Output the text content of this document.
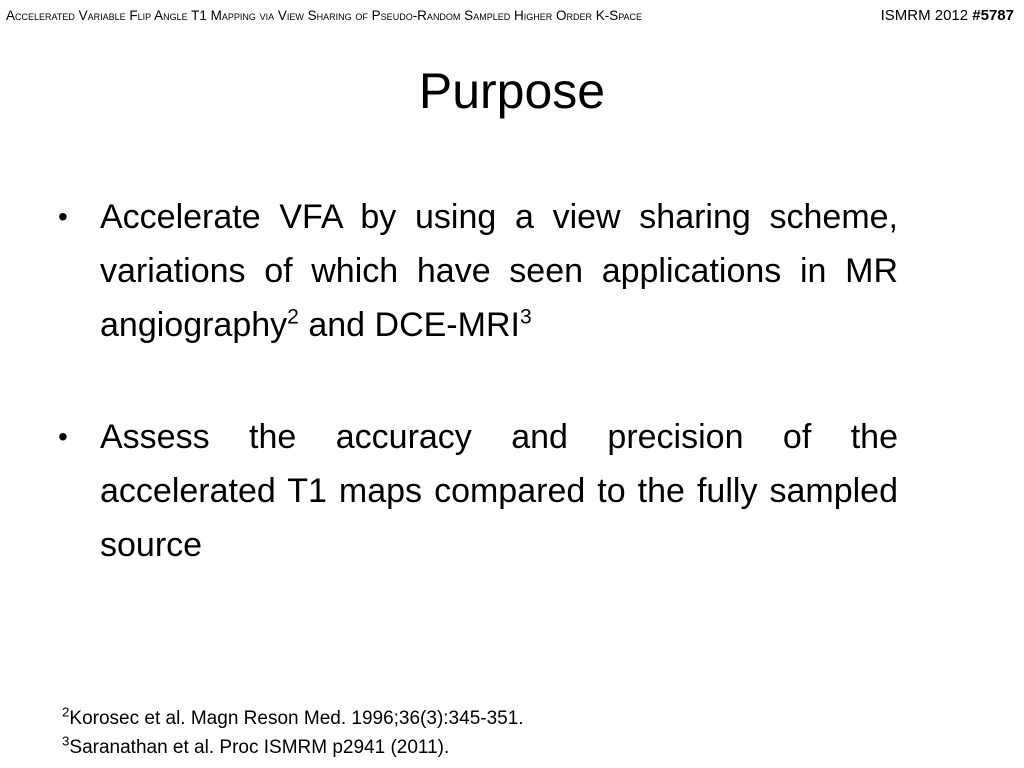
Accelerated Variable Flip Angle T1 Mapping via View Sharing of Pseudo-Random Sampled Higher Order K-Space	ISMRM 2012 #5787
Purpose
• Accelerate VFA by using a view sharing scheme, variations of which have seen applications in MR angiography$^2$ and DCE-MRI$^3$
• Assess the accuracy and precision of the accelerated T1 maps compared to the fully sampled source
$^2$Korosec et al. Magn Reson Med. 1996;36(3):345-351.
$^3$Saranathan et al. Proc ISMRM p2941 (2011).
